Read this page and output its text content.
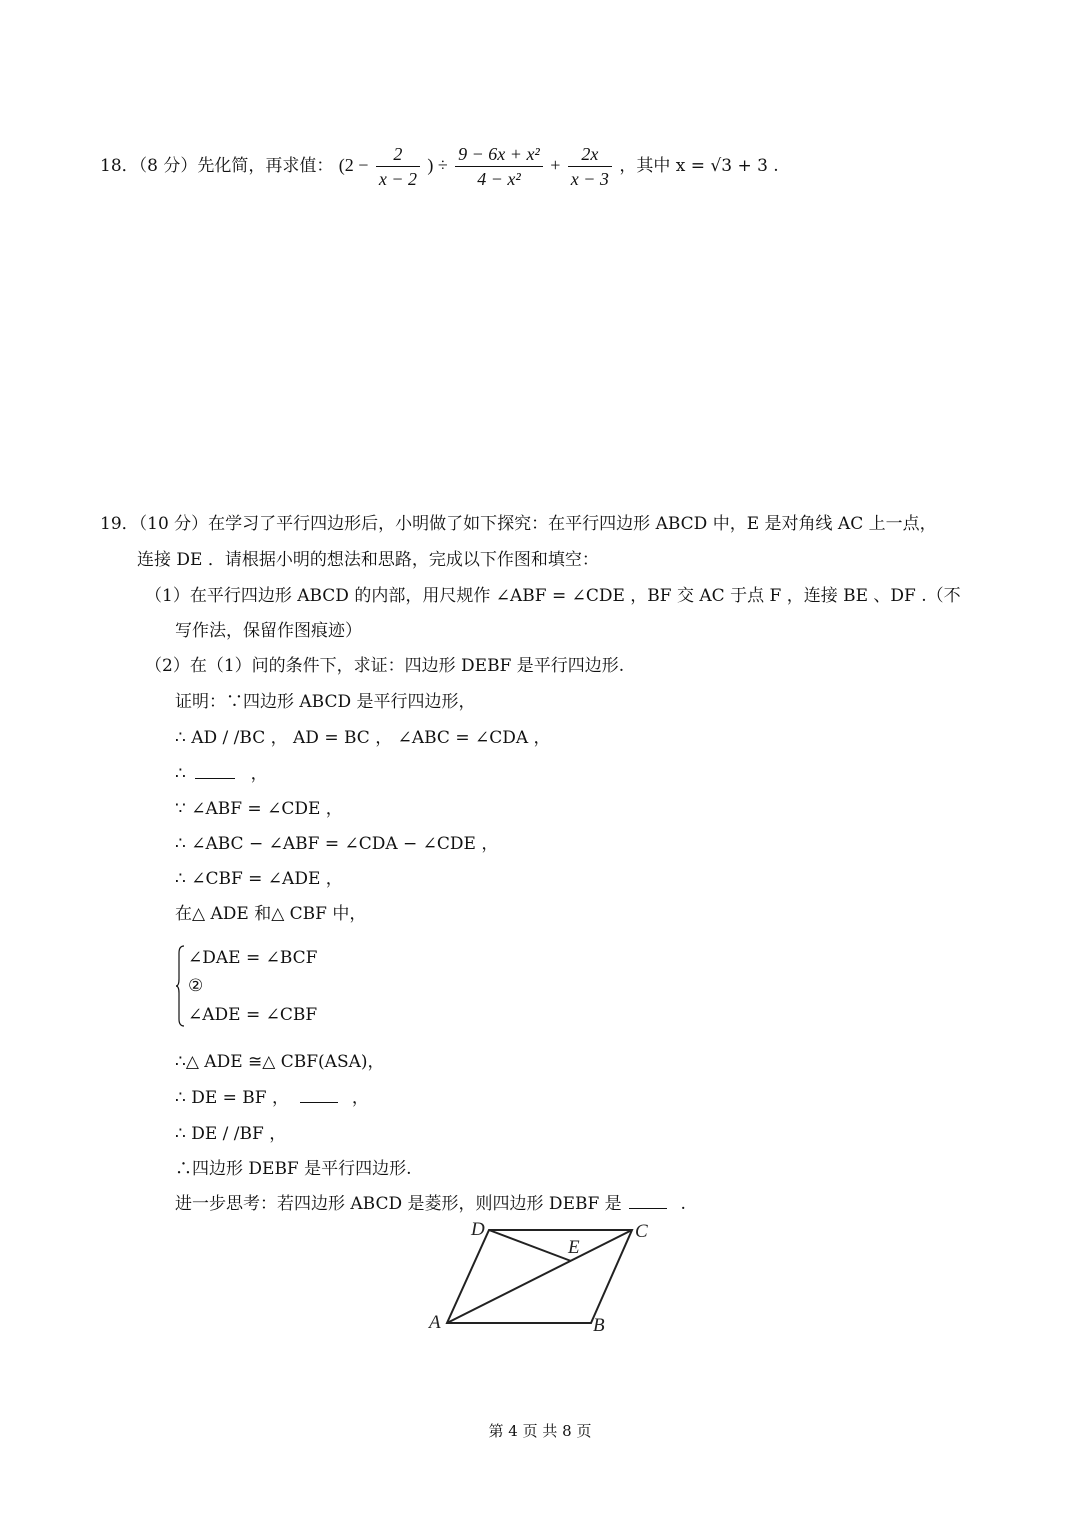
18．（8 分）先化简，再求值： ($2 - \frac{2}{x - 2}$ ) ÷ $\frac{\text{9 − 6x + x²}}{\text{4 − x²}} + \frac{2x}{x - 3}$ ，其中 x = √3 + 3 .
19．（10 分）在学习了平行四边形后，小明做了如下探究：在平行四边形 ABCD 中，E 是对角线 AC 上一点，
连接 DE ．请根据小明的想法和思路，完成以下作图和填空：
（1）在平行四边形 ABCD 的内部，用尺规作 ∠ABF = ∠CDE ，BF 交 AC 于点 F ，连接 BE 、DF .（不
写作法，保留作图痕迹）
（2）在（1）问的条件下，求证：四边形 DEBF 是平行四边形.
证明：∵四边形 ABCD 是平行四边形，
∴ AD / /BC ， AD = BC ， ∠ABC = ∠CDA ，
∴	，
∵ ∠ABF = ∠CDE ，
∴ ∠ABC − ∠ABF = ∠CDA − ∠CDE ，
∴ ∠CBF = ∠ADE ，
在△ ADE 和△ CBF 中，
∠DAE = ∠BCF
②
∠ADE = ∠CBF
∴△ ADE ≅△ CBF(ASA)，
∴ DE = BF ，	，
∴ DE / /BF ，
∴四边形 DEBF 是平行四边形.
进一步思考：若四边形 ABCD 是菱形，则四边形 DEBF 是	.
D	C
E
A	B
第 4 页 共 8 页
